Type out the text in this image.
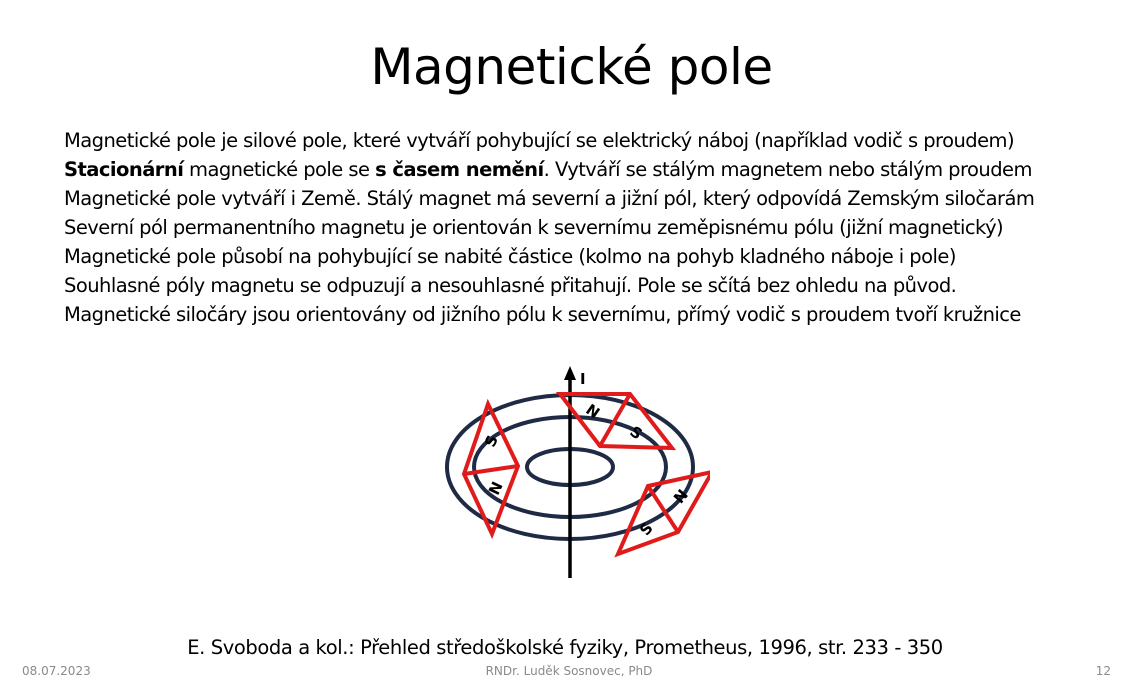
Magnetické pole
Magnetické pole je silové pole, které vytváří pohybující se elektrický náboj (například vodič s proudem)
Stacionární magnetické pole se s časem nemění. Vytváří se stálým magnetem nebo stálým proudem
Magnetické pole vytváří i Země. Stálý magnet má severní a jižní pól, který odpovídá Zemským siločarám
Severní pól permanentního magnetu je orientován k severnímu zeměpisnému pólu (jižní magnetický)
Magnetické pole působí na pohybující se nabité částice (kolmo na pohyb kladného náboje i pole)
Souhlasné póly magnetu se odpuzují a nesouhlasné přitahují. Pole se sčítá bez ohledu na původ.
Magnetické siločáry jsou orientovány od jižního pólu k severnímu, přímý vodič s proudem tvoří kružnice
I
S
N
N
S
N
S
E. Svoboda a kol.: Přehled středoškolské fyziky, Prometheus, 1996, str. 233 - 350
08.07.2023	RNDr. Luděk Sosnovec, PhD	12
